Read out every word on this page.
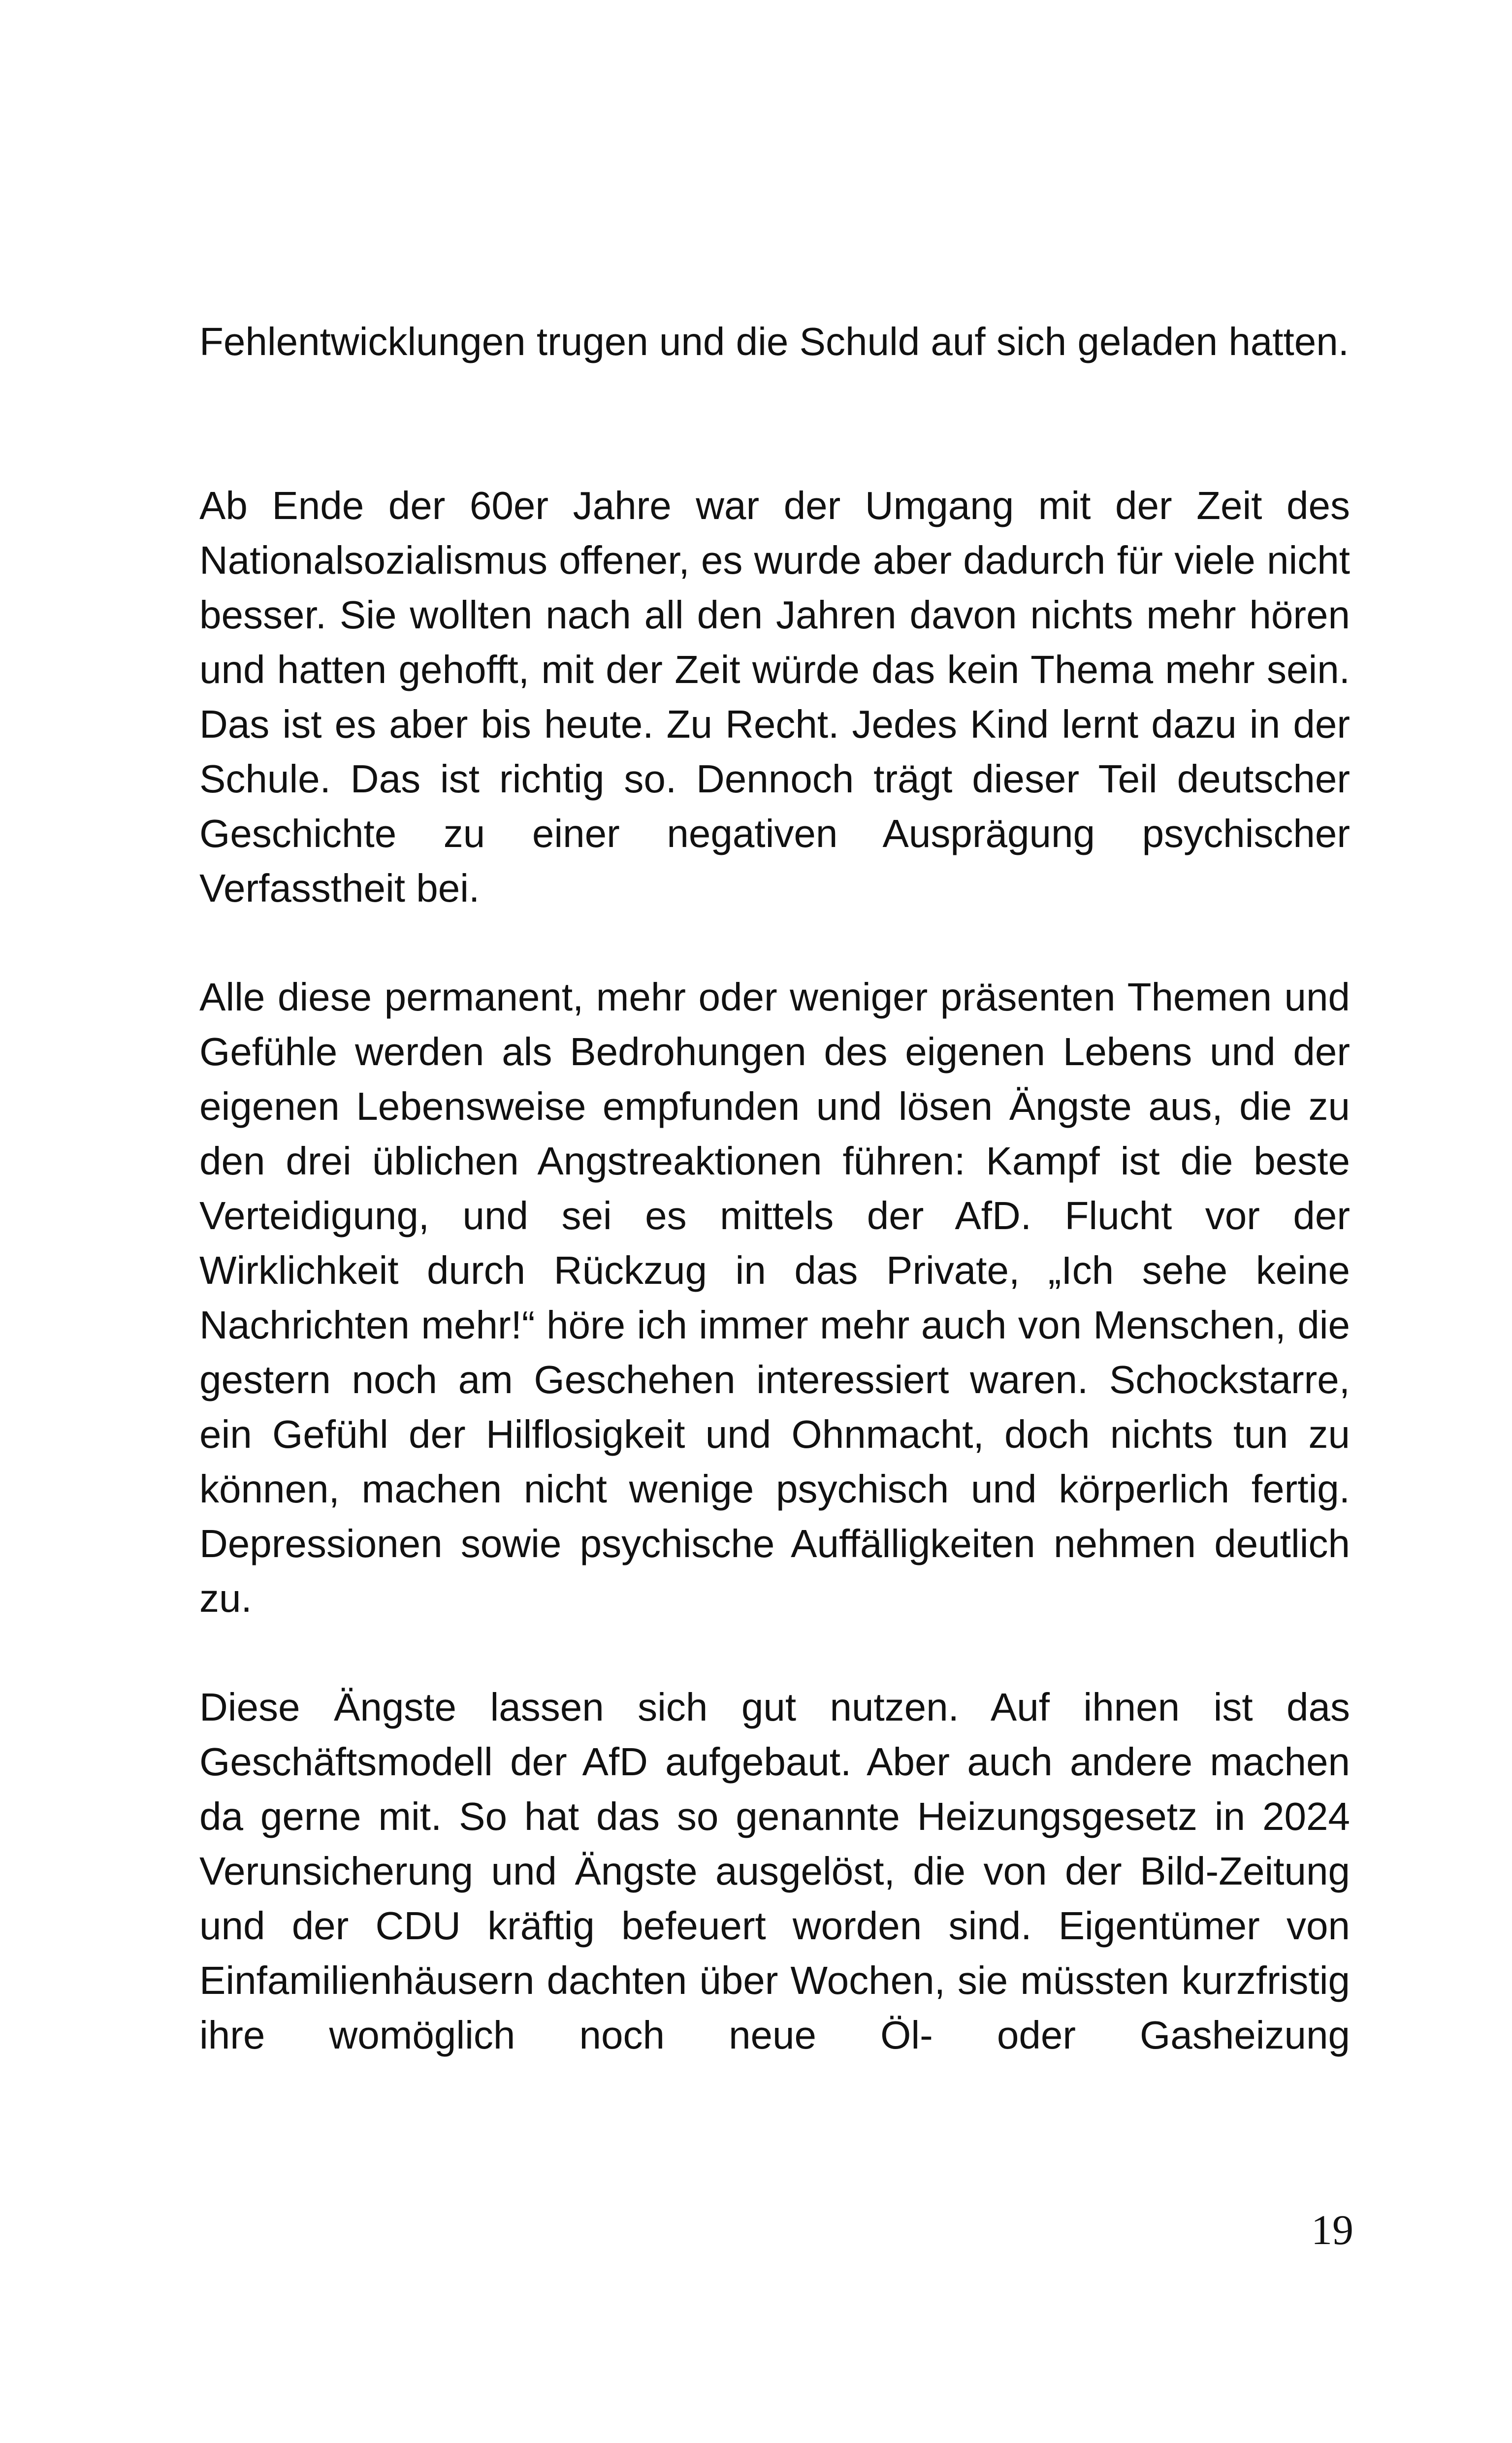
Fehlentwicklungen trugen und die Schuld auf sich geladen hatten.

Ab Ende der 60er Jahre war der Umgang mit der Zeit des Nationalsozialismus offener, es wurde aber dadurch für viele nicht besser. Sie wollten nach all den Jahren davon nichts mehr hören und hatten gehofft, mit der Zeit würde das kein Thema mehr sein. Das ist es aber bis heute. Zu Recht. Jedes Kind lernt dazu in der Schule. Das ist richtig so. Dennoch trägt dieser Teil deutscher Geschichte zu einer negativen Ausprägung psychischer Verfasstheit bei.

Alle diese permanent, mehr oder weniger präsenten Themen und Gefühle werden als Bedrohungen des eigenen Lebens und der eigenen Lebensweise empfunden und lösen Ängste aus, die zu den drei üblichen Angstreaktionen führen: Kampf ist die beste Verteidigung, und sei es mittels der AfD. Flucht vor der Wirklichkeit durch Rückzug in das Private, „Ich sehe keine Nachrichten mehr!“ höre ich immer mehr auch von Menschen, die gestern noch am Geschehen interessiert waren. Schockstarre, ein Gefühl der Hilflosigkeit und Ohnmacht, doch nichts tun zu können, machen nicht wenige psychisch und körperlich fertig. Depressionen sowie psychische Auffälligkeiten nehmen deutlich zu.

Diese Ängste lassen sich gut nutzen. Auf ihnen ist das Geschäftsmodell der AfD aufgebaut. Aber auch andere machen da gerne mit. So hat das so genannte Heizungsgesetz in 2024 Verunsicherung und Ängste ausgelöst, die von der Bild-Zeitung und der CDU kräftig befeuert worden sind. Eigentümer von Einfamilienhäusern dachten über Wochen, sie müssten kurzfristig ihre womöglich noch neue Öl- oder Gasheizung

19
